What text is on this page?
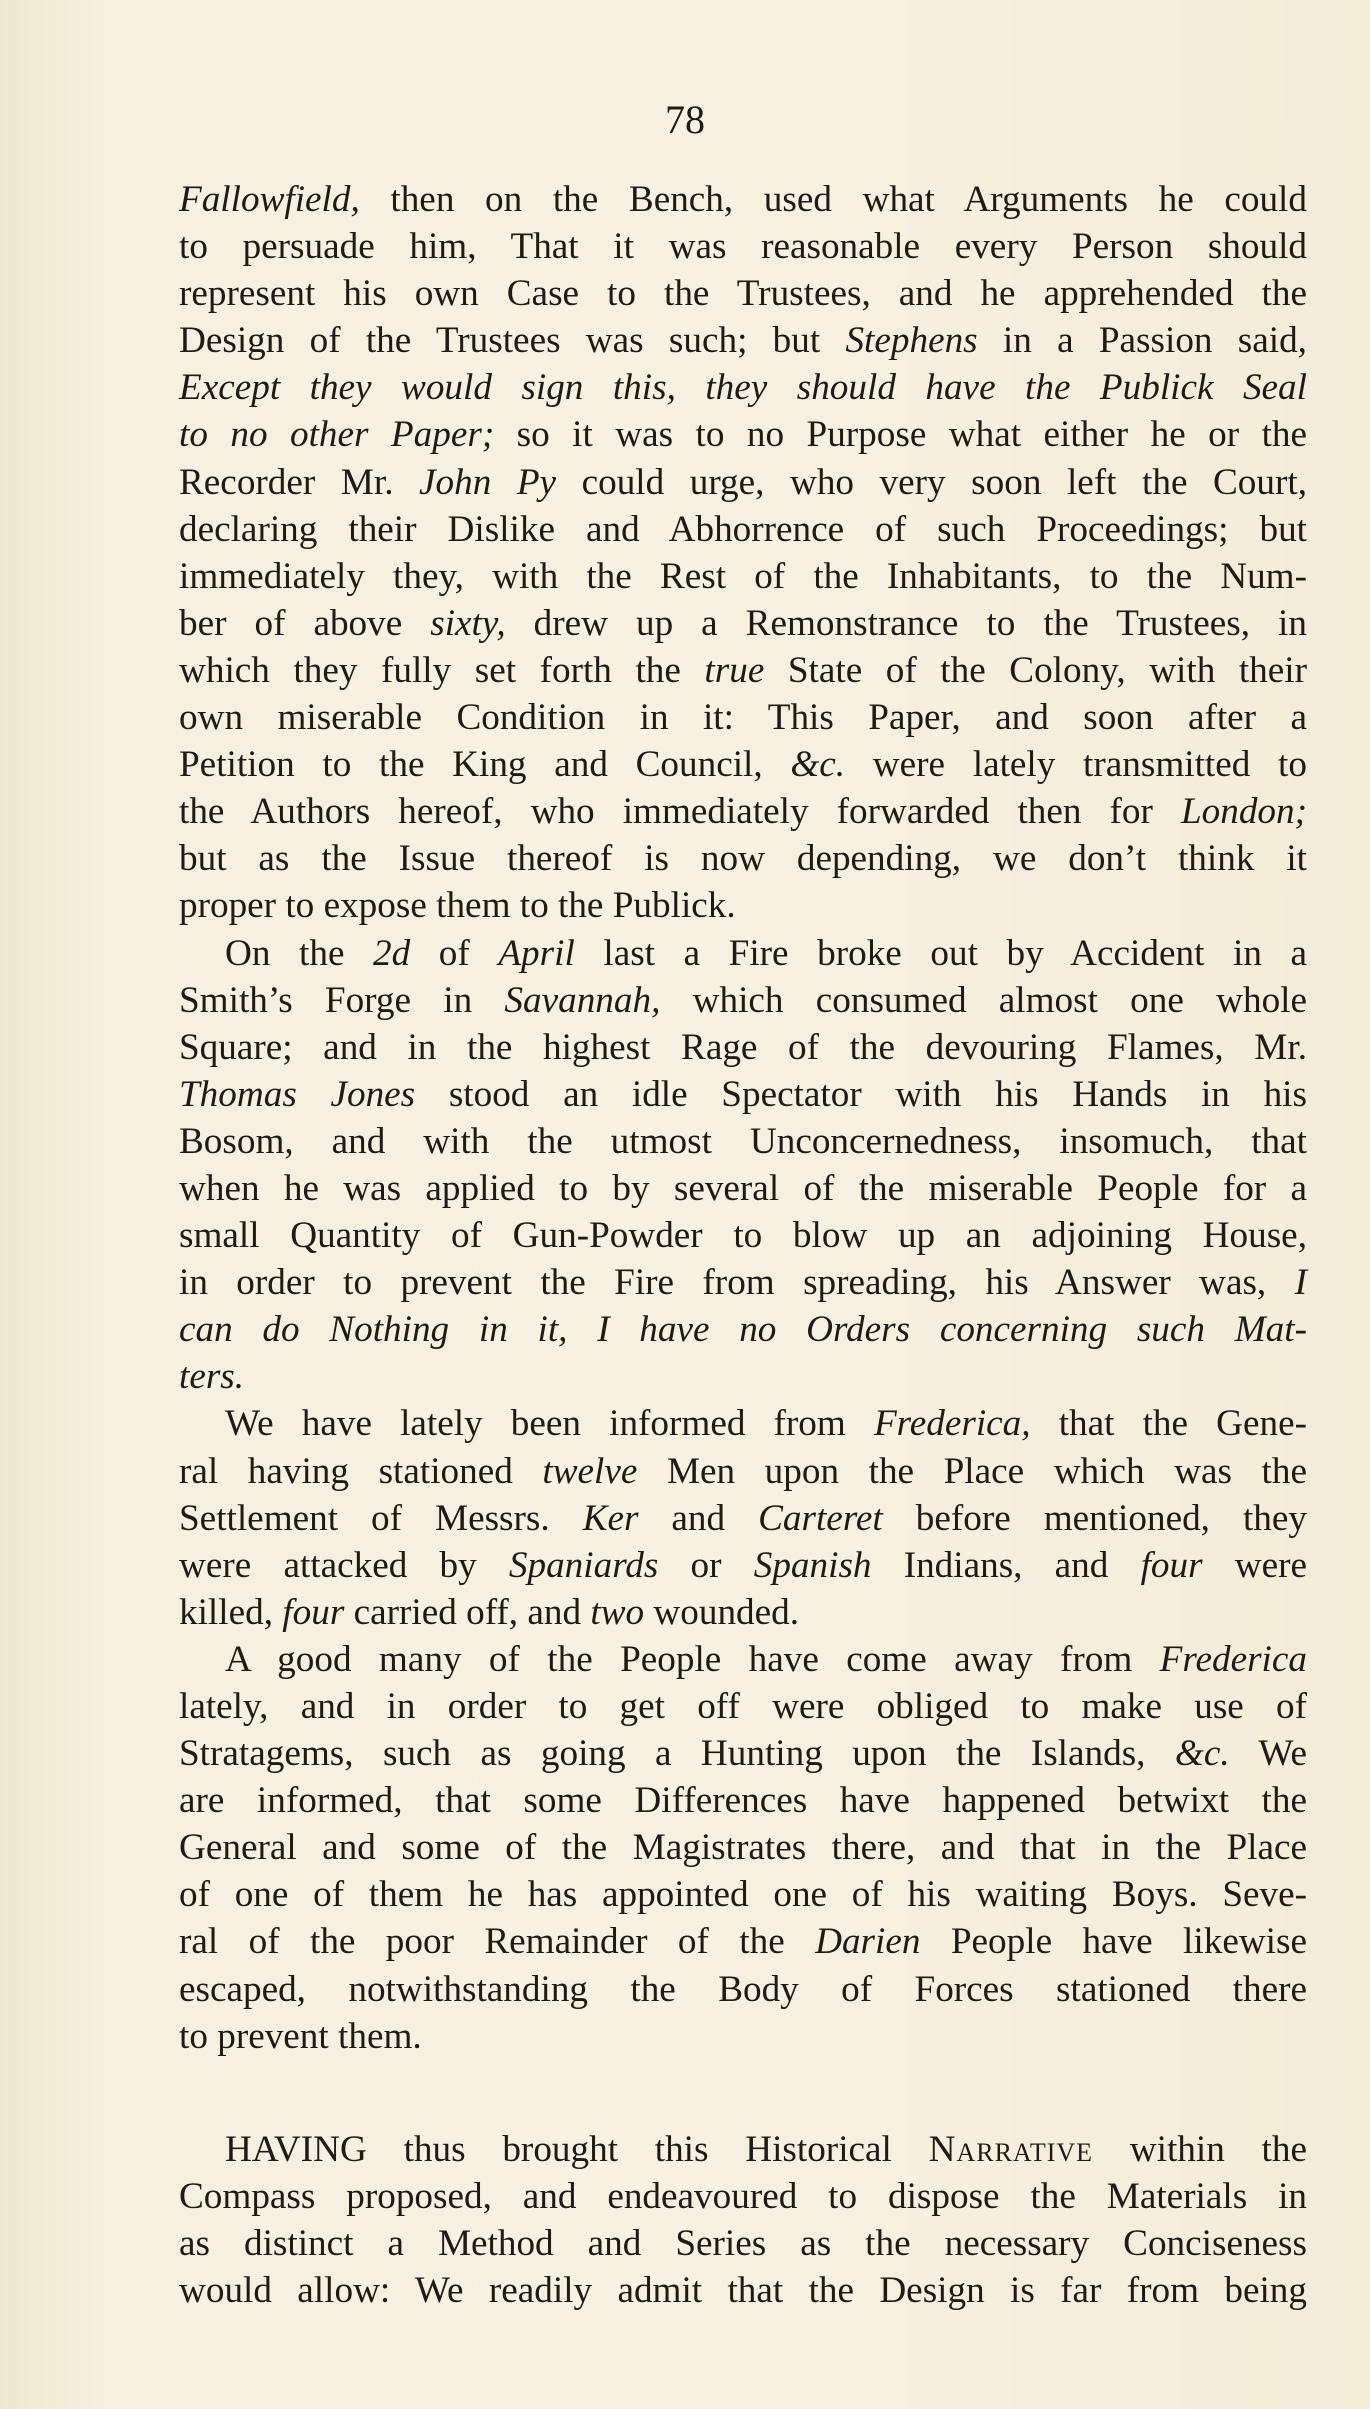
78
Fallowfield, then on the Bench, used what Arguments he could
to persuade him, That it was reasonable every Person should
represent his own Case to the Trustees, and he apprehended the
Design of the Trustees was such; but Stephens in a Passion said,
Except they would sign this, they should have the Publick Seal
to no other Paper; so it was to no Purpose what either he or the
Recorder Mr. John Py could urge, who very soon left the Court,
declaring their Dislike and Abhorrence of such Proceedings; but
immediately they, with the Rest of the Inhabitants, to the Num-
ber of above sixty, drew up a Remonstrance to the Trustees, in
which they fully set forth the true State of the Colony, with their
own miserable Condition in it: This Paper, and soon after a
Petition to the King and Council, &c. were lately transmitted to
the Authors hereof, who immediately forwarded then for London;
but as the Issue thereof is now depending, we don’t think it
proper to expose them to the Publick.
On the 2d of April last a Fire broke out by Accident in a
Smith’s Forge in Savannah, which consumed almost one whole
Square; and in the highest Rage of the devouring Flames, Mr.
Thomas Jones stood an idle Spectator with his Hands in his
Bosom, and with the utmost Unconcernedness, insomuch, that
when he was applied to by several of the miserable People for a
small Quantity of Gun-Powder to blow up an adjoining House,
in order to prevent the Fire from spreading, his Answer was, I
can do Nothing in it, I have no Orders concerning such Mat-
ters.
We have lately been informed from Frederica, that the Gene-
ral having stationed twelve Men upon the Place which was the
Settlement of Messrs. Ker and Carteret before mentioned, they
were attacked by Spaniards or Spanish Indians, and four were
killed, four carried off, and two wounded.
A good many of the People have come away from Frederica
lately, and in order to get off were obliged to make use of
Stratagems, such as going a Hunting upon the Islands, &c. We
are informed, that some Differences have happened betwixt the
General and some of the Magistrates there, and that in the Place
of one of them he has appointed one of his waiting Boys. Seve-
ral of the poor Remainder of the Darien People have likewise
escaped, notwithstanding the Body of Forces stationed there
to prevent them.
HAVING thus brought this Historical Narrative within the
Compass proposed, and endeavoured to dispose the Materials in
as distinct a Method and Series as the necessary Conciseness
would allow: We readily admit that the Design is far from being
